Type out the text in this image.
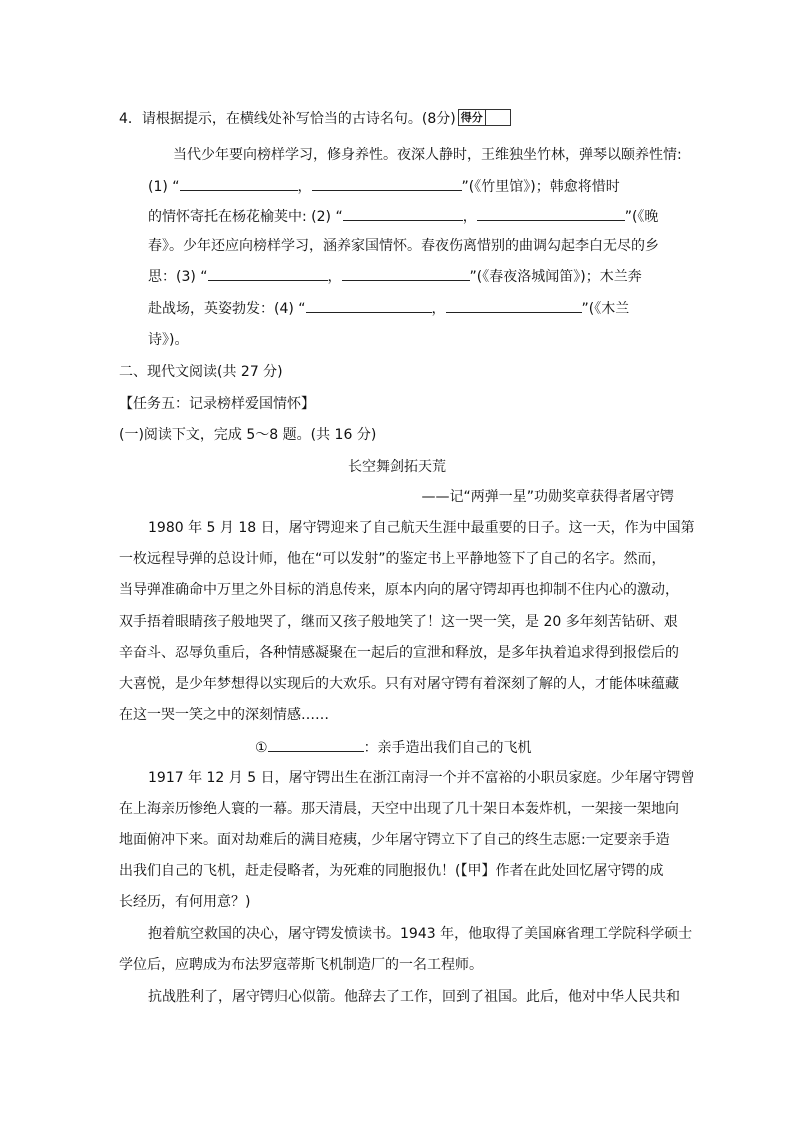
4．请根据提示，在横线处补写恰当的古诗名句。(8分) 得分
当代少年要向榜样学习，修身养性。夜深人静时，王维独坐竹林，弹琴以颐养性情:
(1) “	，	”(《竹里馆》)；韩愈将惜时
的情怀寄托在杨花榆荚中: (2) “	，	”(《晚
春》。少年还应向榜样学习，涵养家国情怀。春夜伤离惜别的曲调勾起李白无尽的乡
思：(3) “	，	”(《春夜洛城闻笛》)；木兰奔
赴战场，英姿勃发：(4) “	，	”(《木兰
诗》)。
二、现代文阅读(共 27 分)
【任务五：记录榜样爱国情怀】
(一)阅读下文，完成 5～8 题。(共 16 分)
长空舞剑拓天荒
——记“两弹一星”功勋奖章获得者屠守锷
1980 年 5 月 18 日，屠守锷迎来了自己航天生涯中最重要的日子。这一天，作为中国第
一枚远程导弹的总设计师，他在“可以发射”的鉴定书上平静地签下了自己的名字。然而，
当导弹准确命中万里之外目标的消息传来，原本内向的屠守锷却再也抑制不住内心的激动，
双手捂着眼睛孩子般地哭了，继而又孩子般地笑了！这一哭一笑，是 20 多年刻苦钻研、艰
辛奋斗、忍辱负重后，各种情感凝聚在一起后的宣泄和释放，是多年执着追求得到报偿后的
大喜悦，是少年梦想得以实现后的大欢乐。只有对屠守锷有着深刻了解的人，才能体味蕴藏
在这一哭一笑之中的深刻情感……
①	：亲手造出我们自己的飞机
1917 年 12 月 5 日，屠守锷出生在浙江南浔一个并不富裕的小职员家庭。少年屠守锷曾
在上海亲历惨绝人寰的一幕。那天清晨，天空中出现了几十架日本轰炸机，一架接一架地向
地面俯冲下来。面对劫难后的满目疮痍，少年屠守锷立下了自己的终生志愿:一定要亲手造
出我们自己的飞机，赶走侵略者，为死难的同胞报仇！(【甲】作者在此处回忆屠守锷的成
长经历，有何用意？)
抱着航空救国的决心，屠守锷发愤读书。1943 年，他取得了美国麻省理工学院科学硕士
学位后，应聘成为布法罗寇蒂斯飞机制造厂的一名工程师。
抗战胜利了，屠守锷归心似箭。他辞去了工作，回到了祖国。此后，他对中华人民共和
